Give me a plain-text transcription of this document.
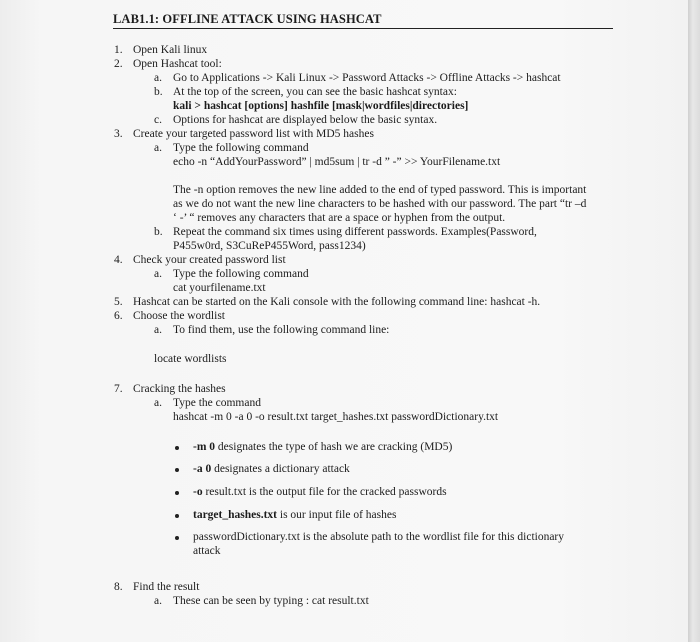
LAB1.1: OFFLINE ATTACK USING HASHCAT
1. Open Kali linux
2. Open Hashcat tool:
a. Go to Applications -> Kali Linux -> Password Attacks -> Offline Attacks -> hashcat
b. At the top of the screen, you can see the basic hashcat syntax:
kali > hashcat [options] hashfile [mask|wordfiles|directories]
c. Options for hashcat are displayed below the basic syntax.
3. Create your targeted password list with MD5 hashes
a. Type the following command
echo -n “AddYourPassword” | md5sum | tr -d ” -” >> YourFilename.txt
The -n option removes the new line added to the end of typed password. This is important
as we do not want the new line characters to be hashed with our password. The part “tr –d
‘ -’ “ removes any characters that are a space or hyphen from the output.
b. Repeat the command six times using different passwords. Examples(Password,
P455w0rd, S3CuReP455Word, pass1234)
4. Check your created password list
a. Type the following command
cat yourfilename.txt
5. Hashcat can be started on the Kali console with the following command line: hashcat -h.
6. Choose the wordlist
a. To find them, use the following command line:
locate wordlists
7. Cracking the hashes
a. Type the command
hashcat -m 0 -a 0 -o result.txt target_hashes.txt passwordDictionary.txt
-m 0 designates the type of hash we are cracking (MD5)
-a 0 designates a dictionary attack
-o result.txt is the output file for the cracked passwords
target_hashes.txt is our input file of hashes
passwordDictionary.txt is the absolute path to the wordlist file for this dictionary
attack
8. Find the result
a. These can be seen by typing : cat result.txt
